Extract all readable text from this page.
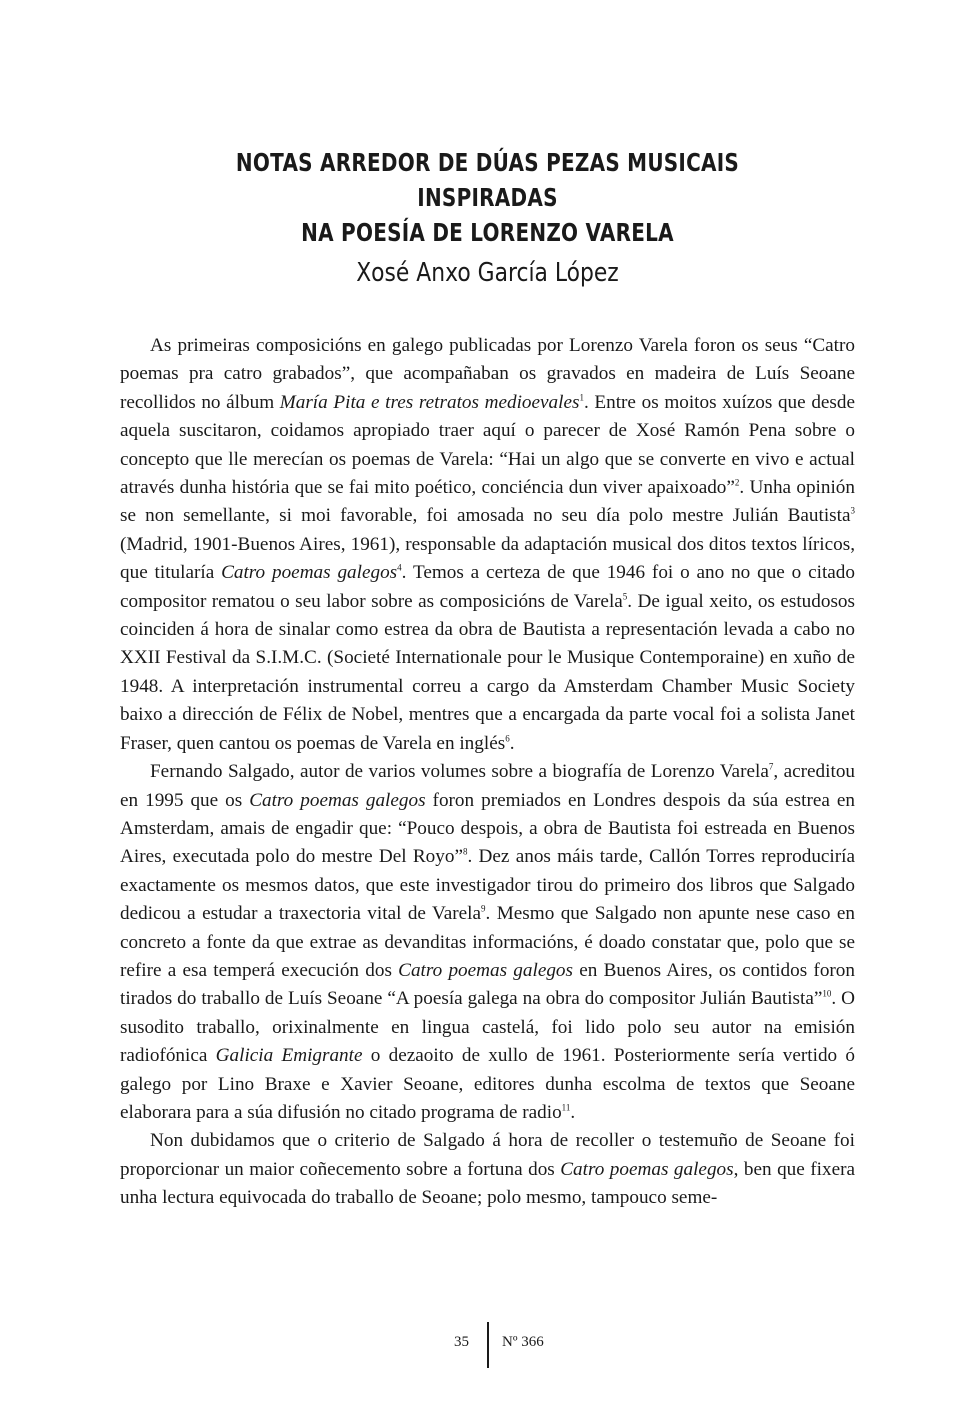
NOTAS ARREDOR DE DÚAS PEZAS MUSICAIS INSPIRADAS
NA POESÍA DE LORENZO VARELA
Xosé Anxo García López

As primeiras composicións en galego publicadas por Lorenzo Varela foron os seus “Catro poemas pra catro grabados”, que acompañaban os gravados en madeira de Luís Seoane recollidos no álbum María Pita e tres retratos medioevales$^1$. Entre os moitos xuízos que desde aquela suscitaron, coidamos apropiado traer aquí o parecer de Xosé Ramón Pena sobre o concepto que lle merecían os poemas de Varela: “Hai un algo que se converte en vivo e actual através dunha história que se fai mito poético, conciéncia dun viver apaixoado”$^2$. Unha opinión se non semellante, si moi favorable, foi amosada no seu día polo mestre Julián Bautista$^3$ (Madrid, 1901-Buenos Aires, 1961), responsable da adaptación musical dos ditos textos líricos, que titularía Catro poemas galegos$^4$. Temos a certeza de que 1946 foi o ano no que o citado compositor rematou o seu labor sobre as composicións de Varela$^5$. De igual xeito, os estudosos coinciden á hora de sinalar como estrea da obra de Bautista a representación levada a cabo no XXII Festival da S.I.M.C. (Societé Internationale pour le Musique Contemporaine) en xuño de 1948. A interpretación instrumental correu a cargo da Amsterdam Chamber Music Society baixo a dirección de Félix de Nobel, mentres que a encargada da parte vocal foi a solista Janet Fraser, quen cantou os poemas de Varela en inglés$^6$.

Fernando Salgado, autor de varios volumes sobre a biografía de Lorenzo Varela$^7$, acreditou en 1995 que os Catro poemas galegos foron premiados en Londres despois da súa estrea en Amsterdam, amais de engadir que: “Pouco despois, a obra de Bautista foi estreada en Buenos Aires, executada polo do mestre Del Royo”$^8$. Dez anos máis tarde, Callón Torres reproduciría exactamente os mesmos datos, que este investigador tirou do primeiro dos libros que Salgado dedicou a estudar a traxectoria vital de Varela$^9$. Mesmo que Salgado non apunte nese caso en concreto a fonte da que extrae as devanditas informacións, é doado constatar que, polo que se refire a esa temperá execución dos Catro poemas galegos en Buenos Aires, os contidos foron tirados do traballo de Luís Seoane “A poesía galega na obra do compositor Julián Bautista”$^{10}$. O susodito traballo, orixinalmente en lingua castelá, foi lido polo seu autor na emisión radiofónica Galicia Emigrante o dezaoito de xullo de 1961. Posteriormente sería vertido ó galego por Lino Braxe e Xavier Seoane, editores dunha escolma de textos que Seoane elaborara para a súa difusión no citado programa de radio$^{11}$.

Non dubidamos que o criterio de Salgado á hora de recoller o testemuño de Seoane foi proporcionar un maior coñecemento sobre a fortuna dos Catro poemas galegos, ben que fixera unha lectura equivocada do traballo de Seoane; polo mesmo, tampouco seme-

35 Nº 366
